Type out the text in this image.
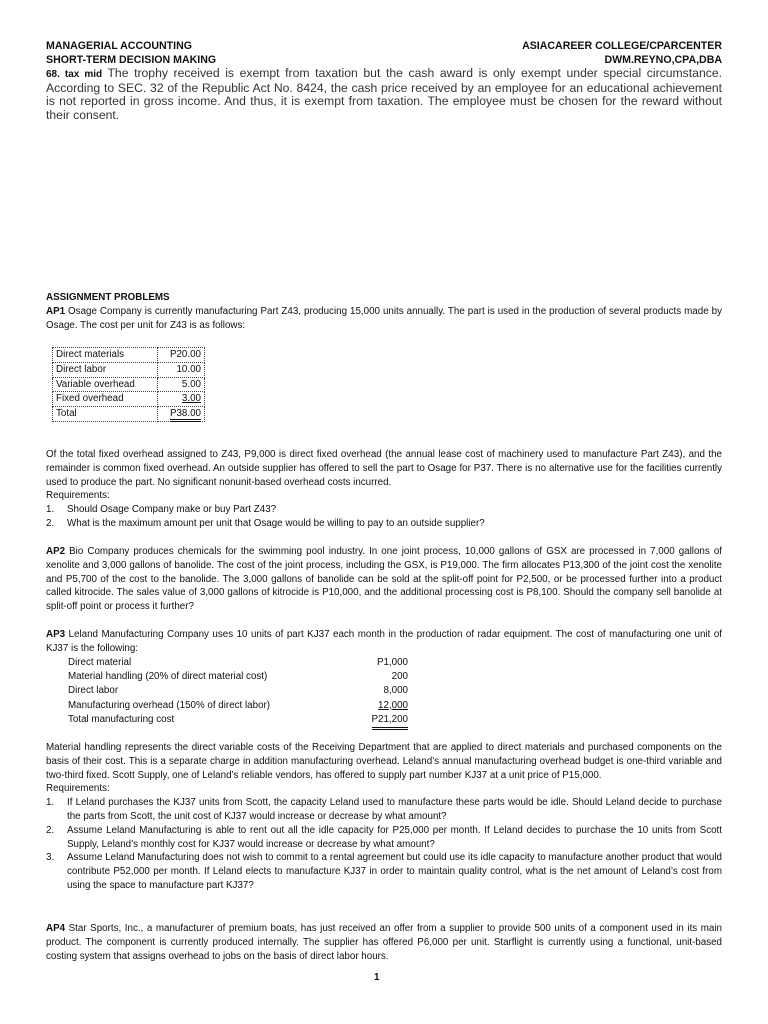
MANAGERIAL ACCOUNTING	ASIACAREER COLLEGE/CPARCENTER
SHORT-TERM DECISION MAKING	DWM.REYNO,CPA,DBA
68. tax mid The trophy received is exempt from taxation but the cash award is only exempt under special circumstance. According to SEC. 32 of the Republic Act No. 8424, the cash price received by an employee for an educational achievement is not reported in gross income. And thus, it is exempt from taxation. The employee must be chosen for the reward without their consent.
ASSIGNMENT PROBLEMS
AP1 Osage Company is currently manufacturing Part Z43, producing 15,000 units annually. The part is used in the production of several products made by Osage. The cost per unit for Z43 is as follows:
Direct materials	P20.00
Direct labor	10.00
Variable overhead	5.00
Fixed overhead	3.00
Total	P38.00
Of the total fixed overhead assigned to Z43, P9,000 is direct fixed overhead (the annual lease cost of machinery used to manufacture Part Z43), and the remainder is common fixed overhead. An outside supplier has offered to sell the part to Osage for P37. There is no alternative use for the facilities currently used to produce the part. No significant nonunit-based overhead costs incurred.
Requirements:
1. Should Osage Company make or buy Part Z43?
2. What is the maximum amount per unit that Osage would be willing to pay to an outside supplier?
AP2 Bio Company produces chemicals for the swimming pool industry. In one joint process, 10,000 gallons of GSX are processed in 7,000 gallons of xenolite and 3,000 gallons of banolide. The cost of the joint process, including the GSX, is P19,000. The firm allocates P13,300 of the joint cost the xenolite and P5,700 of the cost to the banolide. The 3,000 gallons of banolide can be sold at the split-off point for P2,500, or be processed further into a product called kitrocide. The sales value of 3,000 gallons of kitrocide is P10,000, and the additional processing cost is P8,100. Should the company sell banolide at split-off point or process it further?
AP3 Leland Manufacturing Company uses 10 units of part KJ37 each month in the production of radar equipment. The cost of manufacturing one unit of KJ37 is the following:
Direct material	P1,000
Material handling (20% of direct material cost)	200
Direct labor	8,000
Manufacturing overhead (150% of direct labor)	12,000
Total manufacturing cost	P21,200
Material handling represents the direct variable costs of the Receiving Department that are applied to direct materials and purchased components on the basis of their cost. This is a separate charge in addition manufacturing overhead. Leland’s annual manufacturing overhead budget is one-third variable and two-third fixed. Scott Supply, one of Leland’s reliable vendors, has offered to supply part number KJ37 at a unit price of P15,000.
Requirements:
1. If Leland purchases the KJ37 units from Scott, the capacity Leland used to manufacture these parts would be idle. Should Leland decide to purchase the parts from Scott, the unit cost of KJ37 would increase or decrease by what amount?
2. Assume Leland Manufacturing is able to rent out all the idle capacity for P25,000 per month. If Leland decides to purchase the 10 units from Scott Supply, Leland’s monthly cost for KJ37 would increase or decrease by what amount?
3. Assume Leland Manufacturing does not wish to commit to a rental agreement but could use its idle capacity to manufacture another product that would contribute P52,000 per month. If Leland elects to manufacture KJ37 in order to maintain quality control, what is the net amount of Leland’s cost from using the space to manufacture part KJ37?
AP4 Star Sports, Inc., a manufacturer of premium boats, has just received an offer from a supplier to provide 500 units of a component used in its main product. The component is currently produced internally. The supplier has offered P6,000 per unit. Starflight is currently using a functional, unit-based costing system that assigns overhead to jobs on the basis of direct labor hours.
1
